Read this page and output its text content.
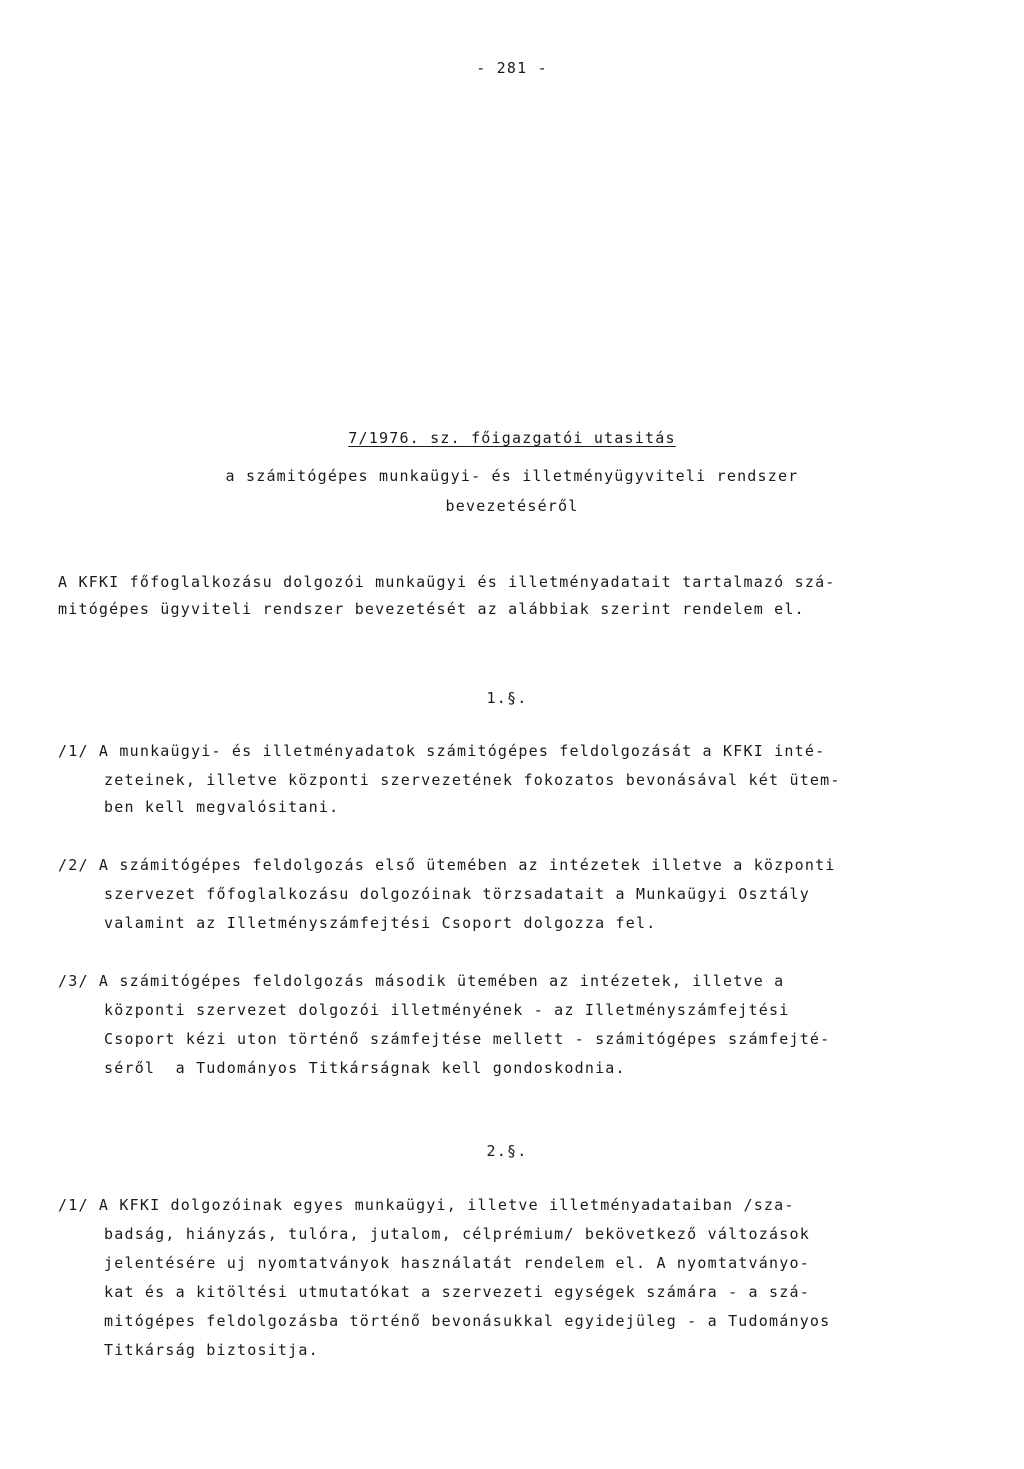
- 281 -
7/1976. sz. főigazgatói utasitás
a számitógépes munkaügyi- és illetményügyviteli rendszer
bevezetéséről
A KFKI főfoglalkozásu dolgozói munkaügyi és illetményadatait tartalmazó szá-
mitógépes ügyviteli rendszer bevezetését az alábbiak szerint rendelem el.
1.§.
/1/ A munkaügyi- és illetményadatok számitógépes feldolgozását a KFKI inté-
zeteinek, illetve központi szervezetének fokozatos bevonásával két ütem-
ben kell megvalósitani.
/2/ A számitógépes feldolgozás első ütemében az intézetek illetve a központi
szervezet főfoglalkozásu dolgozóinak törzsadatait a Munkaügyi Osztály
valamint az Illetményszámfejtési Csoport dolgozza fel.
/3/ A számitógépes feldolgozás második ütemében az intézetek, illetve a
központi szervezet dolgozói illetményének - az Illetményszámfejtési
Csoport kézi uton történő számfejtése mellett - számitógépes számfejté-
séről  a Tudományos Titkárságnak kell gondoskodnia.
2.§.
/1/ A KFKI dolgozóinak egyes munkaügyi, illetve illetményadataiban /sza-
badság, hiányzás, tulóra, jutalom, célprémium/ bekövetkező változások
jelentésére uj nyomtatványok használatát rendelem el. A nyomtatványo-
kat és a kitöltési utmutatókat a szervezeti egységek számára - a szá-
mitógépes feldolgozásba történő bevonásukkal egyidejüleg - a Tudományos
Titkárság biztositja.
